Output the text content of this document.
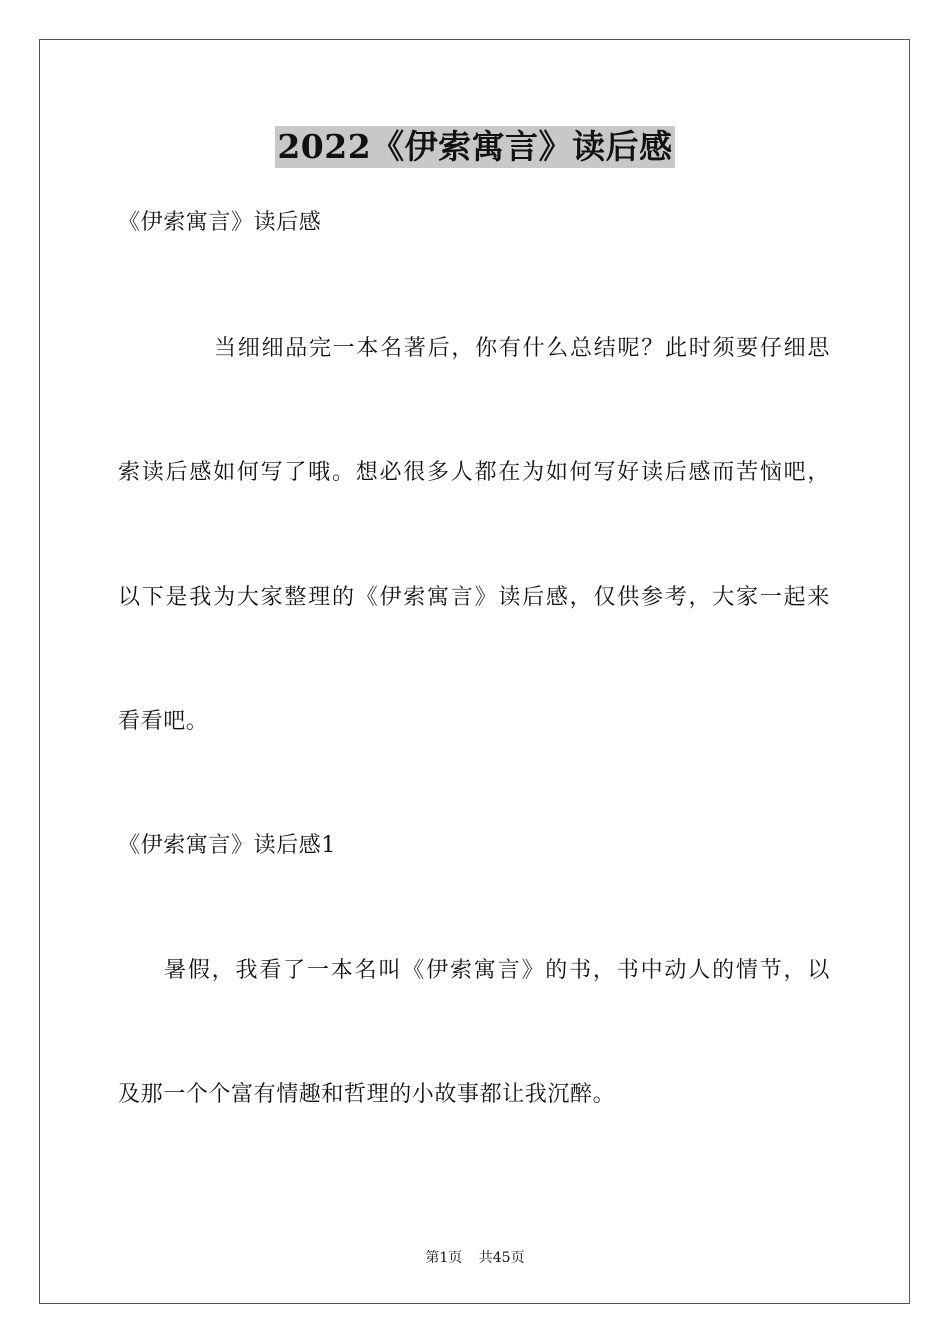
2022《伊索寓言》读后感
《伊索寓言》读后感
当细细品完一本名著后，你有什么总结呢？此时须要仔细思
索读后感如何写了哦。想必很多人都在为如何写好读后感而苦恼吧，
以下是我为大家整理的《伊索寓言》读后感，仅供参考，大家一起来
看看吧。
《伊索寓言》读后感1
暑假，我看了一本名叫《伊索寓言》的书，书中动人的情节，以
及那一个个富有情趣和哲理的小故事都让我沉醉。
第1页 共45页
